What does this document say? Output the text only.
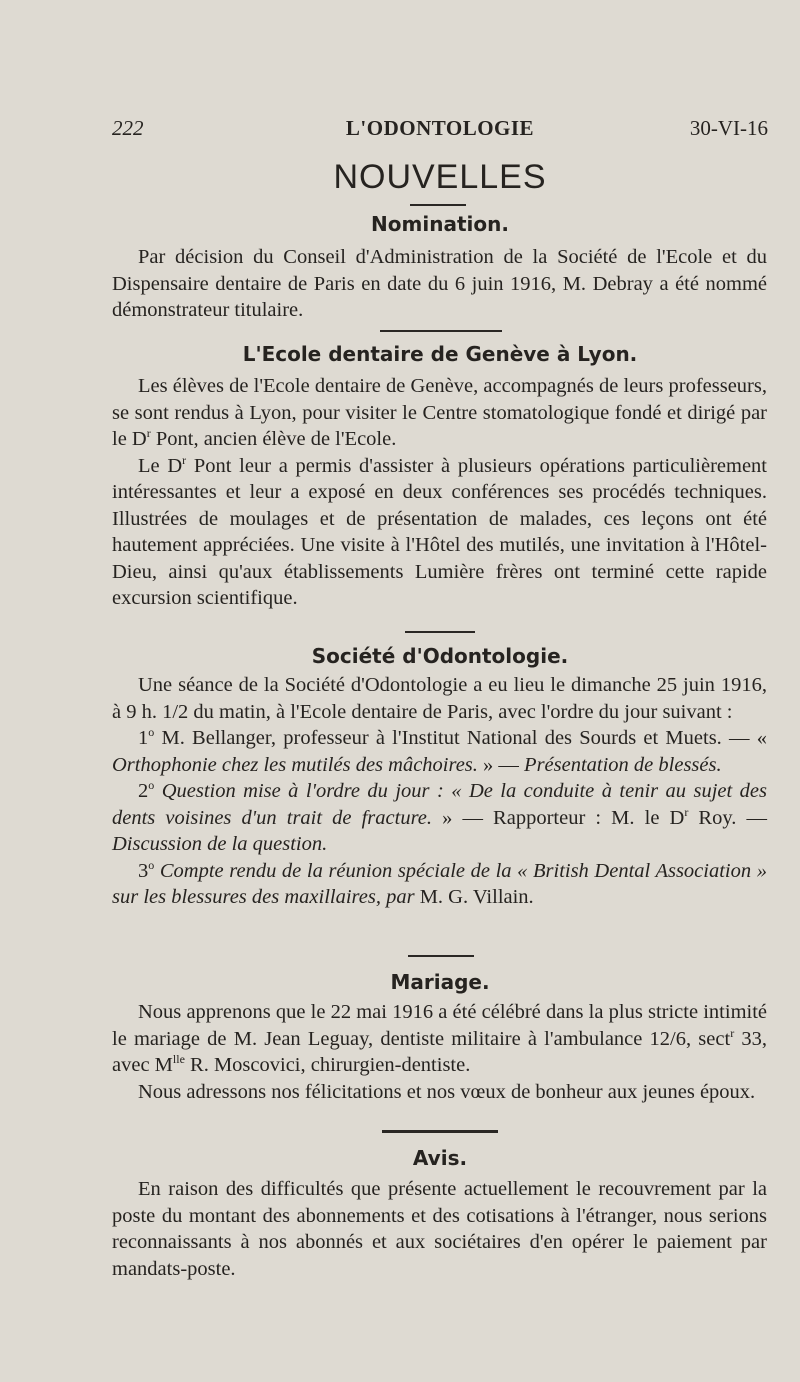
222	L'ODONTOLOGIE	30-VI-16
NOUVELLES
Nomination.

Par décision du Conseil d'Administration de la Société de l'Ecole et du Dispensaire dentaire de Paris en date du 6 juin 1916, M. Debray a été nommé démonstrateur titulaire.

L'Ecole dentaire de Genève à Lyon.

Les élèves de l'Ecole dentaire de Genève, accompagnés de leurs professeurs, se sont rendus à Lyon, pour visiter le Centre stomatologique fondé et dirigé par le $D^r$ Pont, ancien élève de l'Ecole.

Le $D^r$ Pont leur a permis d'assister à plusieurs opérations particulièrement intéressantes et leur a exposé en deux conférences ses procédés techniques. Illustrées de moulages et de présentation de malades, ces leçons ont été hautement appréciées. Une visite à l'Hôtel des mutilés, une invitation à l'Hôtel-Dieu, ainsi qu'aux établissements Lumière frères ont terminé cette rapide excursion scientifique.

Société d'Odontologie.

Une séance de la Société d'Odontologie a eu lieu le dimanche 25 juin 1916, à 9 h. 1/2 du matin, à l'Ecole dentaire de Paris, avec l'ordre du jour suivant :

1$^o$ M. Bellanger, professeur à l'Institut National des Sourds et Muets. — « Orthophonie chez les mutilés des mâchoires. » — Présentation de blessés.

2$^o$ Question mise à l'ordre du jour : « De la conduite à tenir au sujet des dents voisines d'un trait de fracture. » — Rapporteur : M. le $D^r$ Roy. — Discussion de la question.

3$^o$ Compte rendu de la réunion spéciale de la « British Dental Association » sur les blessures des maxillaires, par M. G. Villain.

Mariage.

Nous apprenons que le 22 mai 1916 a été célébré dans la plus stricte intimité le mariage de M. Jean Leguay, dentiste militaire à l'ambulance 12/6, sect$^r$ 33, avec $M^{lle}$ R. Moscovici, chirurgien-dentiste.

Nous adressons nos félicitations et nos vœux de bonheur aux jeunes époux.

Avis.

En raison des difficultés que présente actuellement le recouvrement par la poste du montant des abonnements et des cotisations à l'étranger, nous serions reconnaissants à nos abonnés et aux sociétaires d'en opérer le paiement par mandats-poste.
